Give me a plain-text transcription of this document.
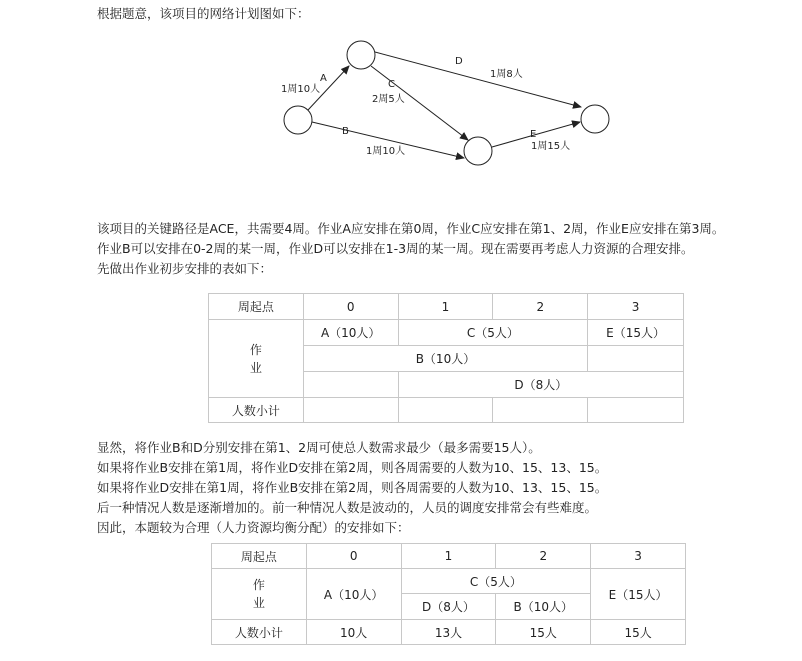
根据题意，该项目的网络计划图如下：
A
1周10人
D
1周8人
C
2周5人
B
1周10人
E
1周15人
该项目的关键路径是ACE，共需要4周。作业A应安排在第0周，作业C应安排在第1、2周，作业E应安排在第3周。
作业B可以安排在0-2周的某一周，作业D可以安排在1-3周的某一周。现在需要再考虑人力资源的合理安排。
先做出作业初步安排的表如下：
周起点	0	1	2	3

作
业	A（10人）	C（5人）		E（15人）
	B（10人）			
		D（8人）		
人数小计				
显然，将作业B和D分别安排在第1、2周可使总人数需求最少（最多需要15人）。
如果将作业B安排在第1周，将作业D安排在第2周，则各周需要的人数为10、15、13、15。
如果将作业D安排在第1周，将作业B安排在第2周，则各周需要的人数为10、13、15、15。
后一种情况人数是逐渐增加的。前一种情况人数是波动的，人员的调度安排常会有些难度。
因此，本题较为合理（人力资源均衡分配）的安排如下：
周起点	0	1	2	3

作
业	A（10人）	C（5人）		E（15人）
		D（8人）	B（10人）	
人数小计	10人	13人	15人	15人
